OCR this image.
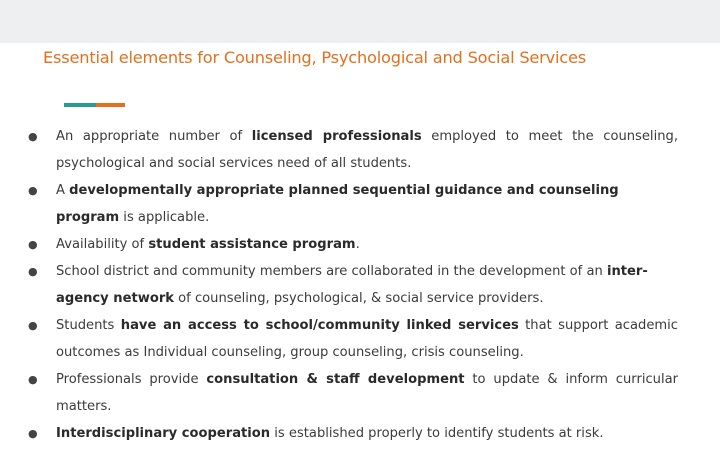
Essential elements for Counseling, Psychological and Social Services
● An appropriate number of licensed professionals employed to meet the counseling, psychological and social services need of all students.
● A developmentally appropriate planned sequential guidance and counseling program is applicable.
● Availability of student assistance program.
● School district and community members are collaborated in the development of an inter-agency network of counseling, psychological, & social service providers.
● Students have an access to school/community linked services that support academic outcomes as Individual counseling, group counseling, crisis counseling.
● Professionals provide consultation & staff development to update & inform curricular matters.
● Interdisciplinary cooperation is established properly to identify students at risk.
